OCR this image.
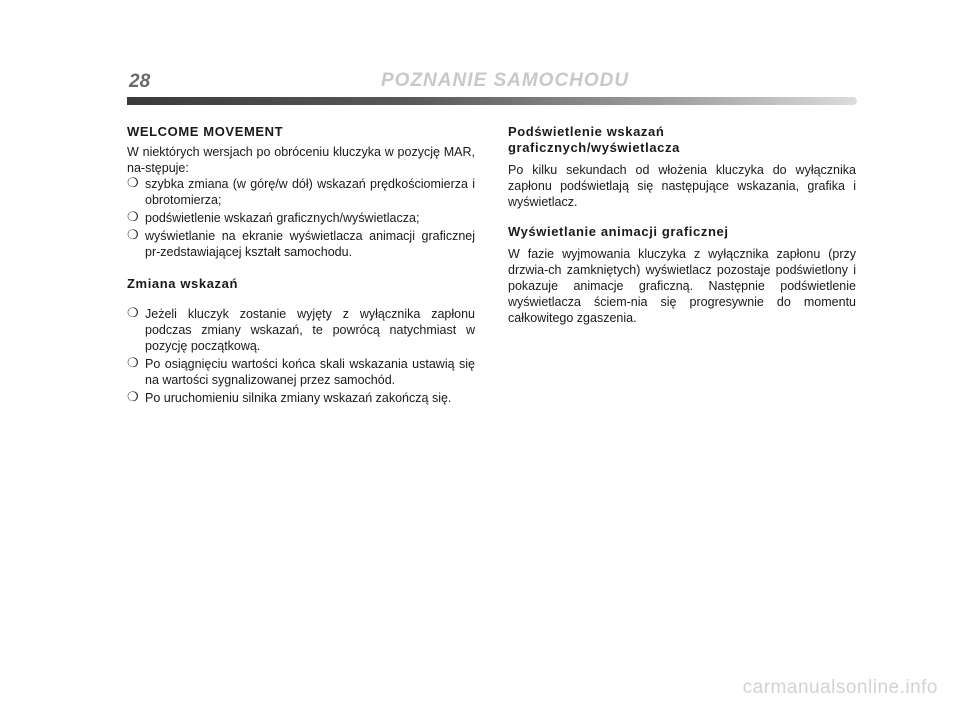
28	POZNANIE SAMOCHODU
WELCOME MOVEMENT

W niektórych wersjach po obróceniu kluczyka w pozycję MAR, na-stępuje:

❍ szybka zmiana (w górę/w dół) wskazań prędkościomierza i obrotomierza;
❍ podświetlenie wskazań graficznych/wyświetlacza;
❍ wyświetlanie na ekranie wyświetlacza animacji graficznej pr-zedstawiającej kształt samochodu.
Zmiana wskazań
❍ Jeżeli kluczyk zostanie wyjęty z wyłącznika zapłonu podczas zmiany wskazań, te powrócą natychmiast w pozycję początkową.
❍ Po osiągnięciu wartości końca skali wskazania ustawią się na wartości sygnalizowanej przez samochód.
❍ Po uruchomieniu silnika zmiany wskazań zakończą się.
Podświetlenie wskazań
graficznych/wyświetlacza

Po kilku sekundach od włożenia kluczyka do wyłącznika zapłonu podświetlają się następujące wskazania, grafika i wyświetlacz.

Wyświetlanie animacji graficznej

W fazie wyjmowania kluczyka z wyłącznika zapłonu (przy drzwia-ch zamkniętych) wyświetlacz pozostaje podświetlony i pokazuje animacje graficzną. Następnie podświetlenie wyświetlacza ściem-nia się progresywnie do momentu całkowitego zgaszenia.

carmanualsonline.info
